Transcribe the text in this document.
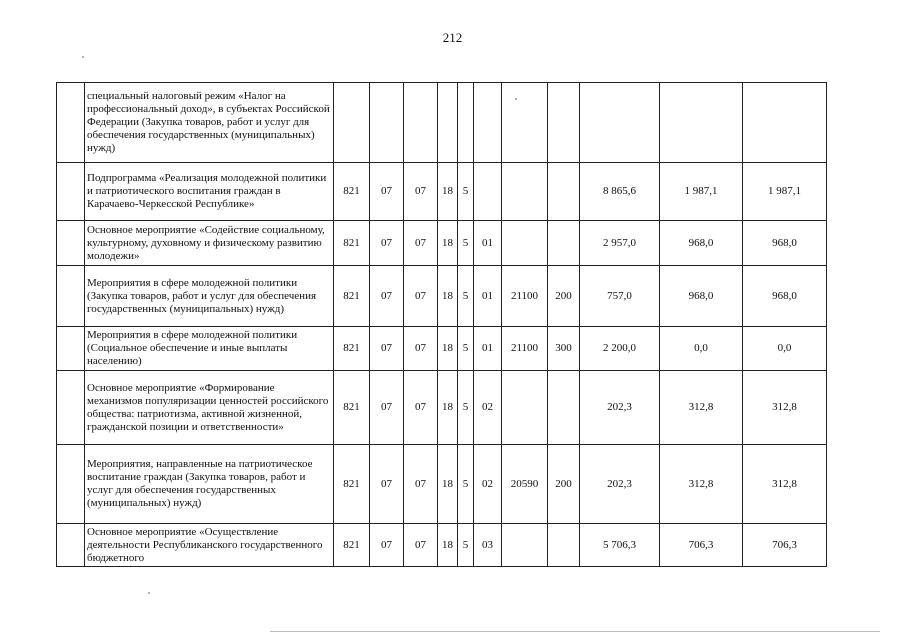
212
	специальный налоговый режим «Налог на профессиональный доход», в субъектах Российской Федерации (Закупка товаров, работ и услуг для обеспечения государственных (муниципальных) нужд)											
	Подпрограмма «Реализация молодежной политики и патриотического воспитания граждан в Карачаево-Черкесской Республике»	821	07	07	18	5				8 865,6	1 987,1	1 987,1
	Основное мероприятие «Содействие социальному, культурному, духовному и физическому развитию молодежи»	821	07	07	18	5	01			2 957,0	968,0	968,0
	Мероприятия в сфере молодежной политики (Закупка товаров, работ и услуг для обеспечения государственных (муниципальных) нужд)	821	07	07	18	5	01	21100	200	757,0	968,0	968,0
	Мероприятия в сфере молодежной политики (Социальное обеспечение и иные выплаты населению)	821	07	07	18	5	01	21100	300	2 200,0	0,0	0,0
	Основное мероприятие «Формирование механизмов популяризации ценностей российского общества: патриотизма, активной жизненной, гражданской позиции и ответственности»	821	07	07	18	5	02			202,3	312,8	312,8
	Мероприятия, направленные на патриотическое воспитание граждан (Закупка товаров, работ и услуг для обеспечения государственных (муниципальных) нужд)	821	07	07	18	5	02	20590	200	202,3	312,8	312,8
	Основное мероприятие «Осуществление деятельности Республиканского государственного бюджетного	821	07	07	18	5	03			5 706,3	706,3	706,3
